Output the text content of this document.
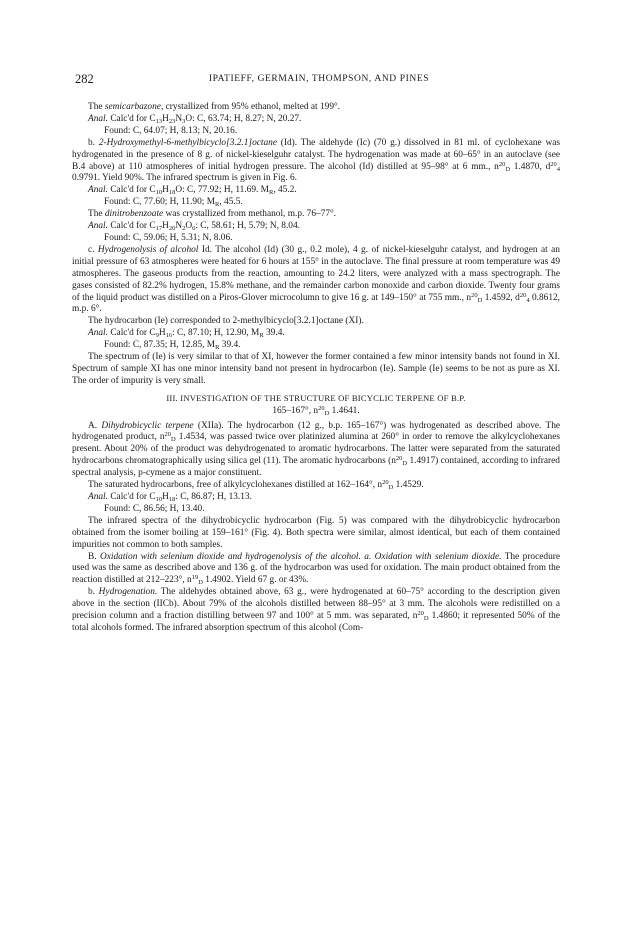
282	IPATIEFF, GERMAIN, THOMPSON, AND PINES

The semicarbazone, crystallized from 95% ethanol, melted at 199°.

Anal. Calc'd for $C_{13}H_{23}N_3O$: C, 63.74; H, 8.27; N, 20.27.

Found: C, 64.07; H, 8.13; N, 20.16.

b. 2-Hydroxymethyl-6-methylbicyclo[3.2.1]octane (Id). The aldehyde (Ic) (70 g.) dissolved in 81 ml. of cyclohexane was hydrogenated in the presence of 8 g. of nickel-kieselguhr catalyst. The hydrogenation was made at 60–65° in an autoclave (see B.4 above) at 110 atmospheres of initial hydrogen pressure. The alcohol (Id) distilled at 95–98° at 6 mm., $n^{20}_D$ 1.4870, $d^{20}_4$ 0.9791. Yield 90%. The infrared spectrum is given in Fig. 6.

Anal. Calc'd for $C_{10}H_{18}O$: C, 77.92; H, 11.69. $M_R$, 45.2.

Found: C, 77.60; H, 11.90; $M_R$, 45.5.

The dinitrobenzoate was crystallized from methanol, m.p. 76–77°.

Anal. Calc'd for $C_{17}H_{20}N_2O_6$: C, 58.61; H, 5.79; N, 8.04.

Found: C, 59.06; H, 5.31; N, 8.06.

c. Hydrogenolysis of alcohol Id. The alcohol (Id) (30 g., 0.2 mole), 4 g. of nickel-kieselguhr catalyst, and hydrogen at an initial pressure of 63 atmospheres were heated for 6 hours at 155° in the autoclave. The final pressure at room temperature was 49 atmospheres. The gaseous products from the reaction, amounting to 24.2 liters, were analyzed with a mass spectrograph. The gases consisted of 82.2% hydrogen, 15.8% methane, and the remainder carbon monoxide and carbon dioxide. Twenty four grams of the liquid product was distilled on a Piros-Glover microcolumn to give 16 g. at 149–150° at 755 mm., $n^{20}_D$ 1.4592, $d^{20}_4$ 0.8612, m.p. 6°.

The hydrocarbon (Ie) corresponded to 2-methylbicyclo[3.2.1]octane (XI).

Anal. Calc'd for $C_9H_{16}$: C, 87.10; H, 12.90, $M_R$ 39.4.

Found: C, 87.35; H, 12.85, $M_R$ 39.4.

The spectrum of (Ie) is very similar to that of XI, however the former contained a few minor intensity bands not found in XI. Spectrum of sample XI has one minor intensity band not present in hydrocarbon (Ie). Sample (Ie) seems to be not as pure as XI. The order of impurity is very small.

III. INVESTIGATION OF THE STRUCTURE OF BICYCLIC TERPENE OF B.P.
165–167°, $n^{20}_D$ 1.4641.

A. Dihydrobicyclic terpene (XIIa). The hydrocarbon (12 g., b.p. 165–167°) was hydrogenated as described above. The hydrogenated product, $n^{20}_D$ 1.4534, was passed twice over platinized alumina at 260° in order to remove the alkylcyclohexanes present. About 20% of the product was dehydrogenated to aromatic hydrocarbons. The latter were separated from the saturated hydrocarbons chromatographically using silica gel (11). The aromatic hydrocarbons ($n^{20}_D$ 1.4917) contained, according to infrared spectral analysis, p-cymene as a major constituent.

The saturated hydrocarbons, free of alkylcyclohexanes distilled at 162–164°, $n^{20}_D$ 1.4529.

Anal. Calc'd for $C_{10}H_{18}$: C, 86.87; H, 13.13.

Found: C, 86.56; H, 13.40.

The infrared spectra of the dihydrobicyclic hydrocarbon (Fig. 5) was compared with the dihydrobicyclic hydrocarbon obtained from the isomer boiling at 159–161° (Fig. 4). Both spectra were similar, almost identical, but each of them contained impurities not common to both samples.

B. Oxidation with selenium dioxide and hydrogenolysis of the alcohol. a. Oxidation with selenium dioxide. The procedure used was the same as described above and 136 g. of the hydrocarbon was used for oxidation. The main product obtained from the reaction distilled at 212–223°, $n^{19}_D$ 1.4902. Yield 67 g. or 43%.

b. Hydrogenation. The aldehydes obtained above, 63 g., were hydrogenated at 60–75° according to the description given above in the section (IICb). About 79% of the alcohols distilled between 88–95° at 3 mm. The alcohols were redistilled on a precision column and a fraction distilling between 97 and 100° at 5 mm. was separated, $n^{20}_D$ 1.4860; it represented 50% of the total alcohols formed. The infrared absorption spectrum of this alcohol (Com-
